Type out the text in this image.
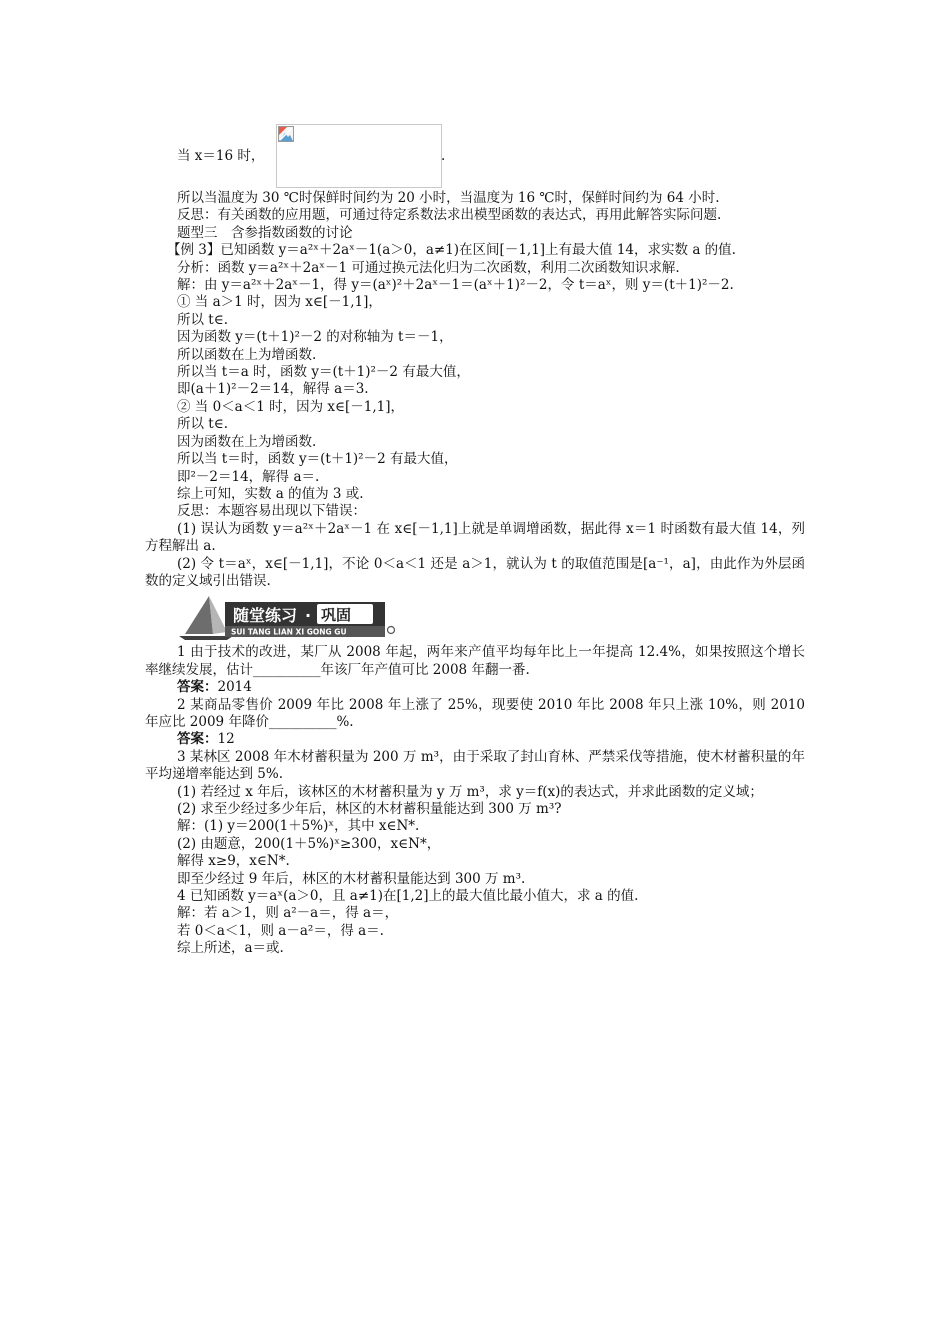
当 x＝16 时，	.
所以当温度为 30 ℃时保鲜时间约为 20 小时，当温度为 16 ℃时，保鲜时间约为 64 小时.
反思：有关函数的应用题，可通过待定系数法求出模型函数的表达式，再用此解答实际问题.
题型三　含参指数函数的讨论
【例 3】已知函数 y＝a²ˣ＋2aˣ－1(a＞0，a≠1)在区间[－1,1]上有最大值 14，求实数 a 的值.
分析：函数 y＝a²ˣ＋2aˣ－1 可通过换元法化归为二次函数，利用二次函数知识求解.
解：由 y＝a²ˣ＋2aˣ－1，得 y＝(aˣ)²＋2aˣ－1＝(aˣ＋1)²－2，令 t＝aˣ，则 y＝(t＋1)²－2.
① 当 a＞1 时，因为 x∈[－1,1]，
所以 t∈.
因为函数 y＝(t＋1)²－2 的对称轴为 t＝－1，
所以函数在上为增函数.
所以当 t＝a 时，函数 y＝(t＋1)²－2 有最大值，
即(a＋1)²－2＝14，解得 a＝3.
② 当 0＜a＜1 时，因为 x∈[－1,1]，
所以 t∈.
因为函数在上为增函数.
所以当 t＝时，函数 y＝(t＋1)²－2 有最大值，
即²－2＝14，解得 a＝.
综上可知，实数 a 的值为 3 或.
反思：本题容易出现以下错误：
(1) 误认为函数 y＝a²ˣ＋2aˣ－1 在 x∈[－1,1]上就是单调增函数，据此得 x＝1 时函数有最大值 14，列方程解出 a.
(2) 令 t＝aˣ，x∈[－1,1]，不论 0＜a＜1 还是 a＞1，就认为 t 的取值范围是[a⁻¹，a]，由此作为外层函数的定义域引出错误.
随堂练习 · 巩固
SUI TANG LIAN XI GONG GU
1 由于技术的改进，某厂从 2008 年起，两年来产值平均每年比上一年提高 12.4%，如果按照这个增长率继续发展，估计__________年该厂年产值可比 2008 年翻一番.
答案：2014
2 某商品零售价 2009 年比 2008 年上涨了 25%，现要使 2010 年比 2008 年只上涨 10%，则 2010 年应比 2009 年降价__________%.
答案：12
3 某林区 2008 年木材蓄积量为 200 万 m³，由于采取了封山育林、严禁采伐等措施，使木材蓄积量的年平均递增率能达到 5%.
(1) 若经过 x 年后，该林区的木材蓄积量为 y 万 m³，求 y＝f(x)的表达式，并求此函数的定义域；
(2) 求至少经过多少年后，林区的木材蓄积量能达到 300 万 m³?
解：(1) y＝200(1＋5%)ˣ，其中 x∈N*.
(2) 由题意，200(1＋5%)ˣ≥300，x∈N*，
解得 x≥9，x∈N*.
即至少经过 9 年后，林区的木材蓄积量能达到 300 万 m³.
4 已知函数 y＝aˣ(a＞0，且 a≠1)在[1,2]上的最大值比最小值大，求 a 的值.
解：若 a＞1，则 a²－a＝，得 a＝，
若 0＜a＜1，则 a－a²＝，得 a＝.
综上所述，a＝或.
